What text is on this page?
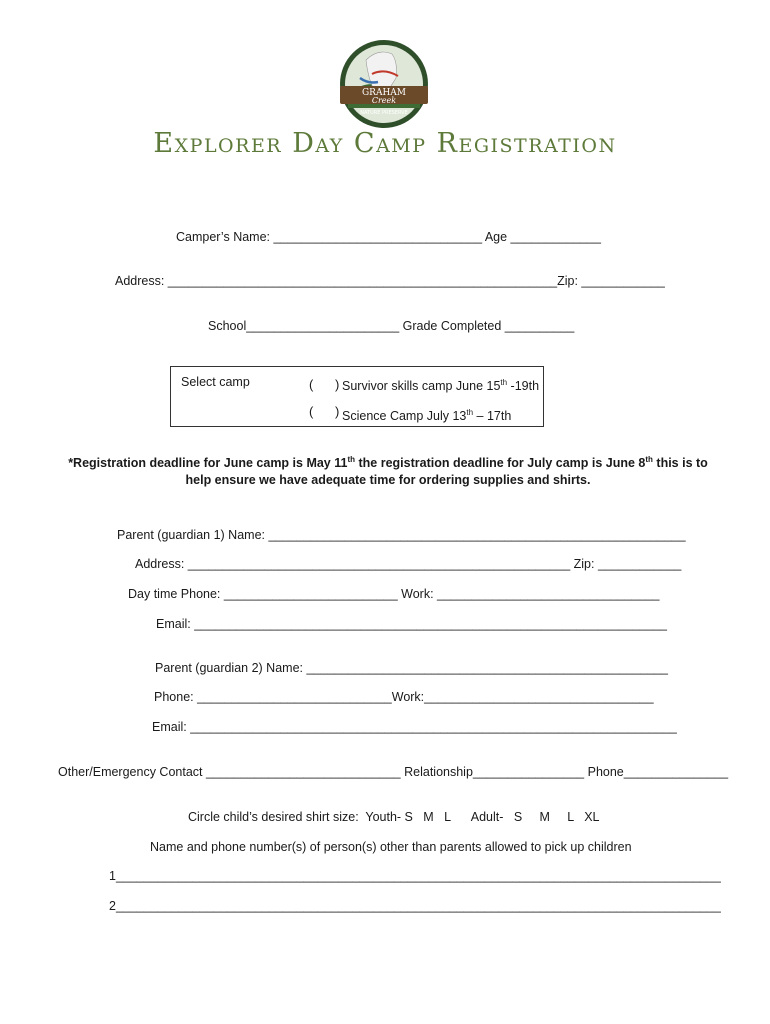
GRAHAM
Creek
NATURE PRESERVE
Explorer Day Camp Registration
Camper’s Name: ______________________________ Age _____________
Address: ________________________________________________________Zip: ____________
School______________________ Grade Completed __________
Select camp	(      ) Survivor skills camp June 15th -19th
(      ) Science Camp July 13th – 17th
*Registration deadline for June camp is May 11th the registration deadline for July camp is June 8th this is to help ensure we have adequate time for ordering supplies and shirts.
Parent (guardian 1) Name: ____________________________________________________________
Address: _______________________________________________________ Zip: ____________
Day time Phone: _________________________ Work: ________________________________
Email: ____________________________________________________________________
Parent (guardian 2) Name: ____________________________________________________
Phone: ____________________________Work:_________________________________
Email: ______________________________________________________________________
Other/Emergency Contact ____________________________ Relationship________________ Phone_______________
Circle child’s desired shirt size:  Youth- S   M   L      Adult-   S     M     L   XL
Name and phone number(s) of person(s) other than parents allowed to pick up children
1_______________________________________________________________________________________
2_______________________________________________________________________________________
